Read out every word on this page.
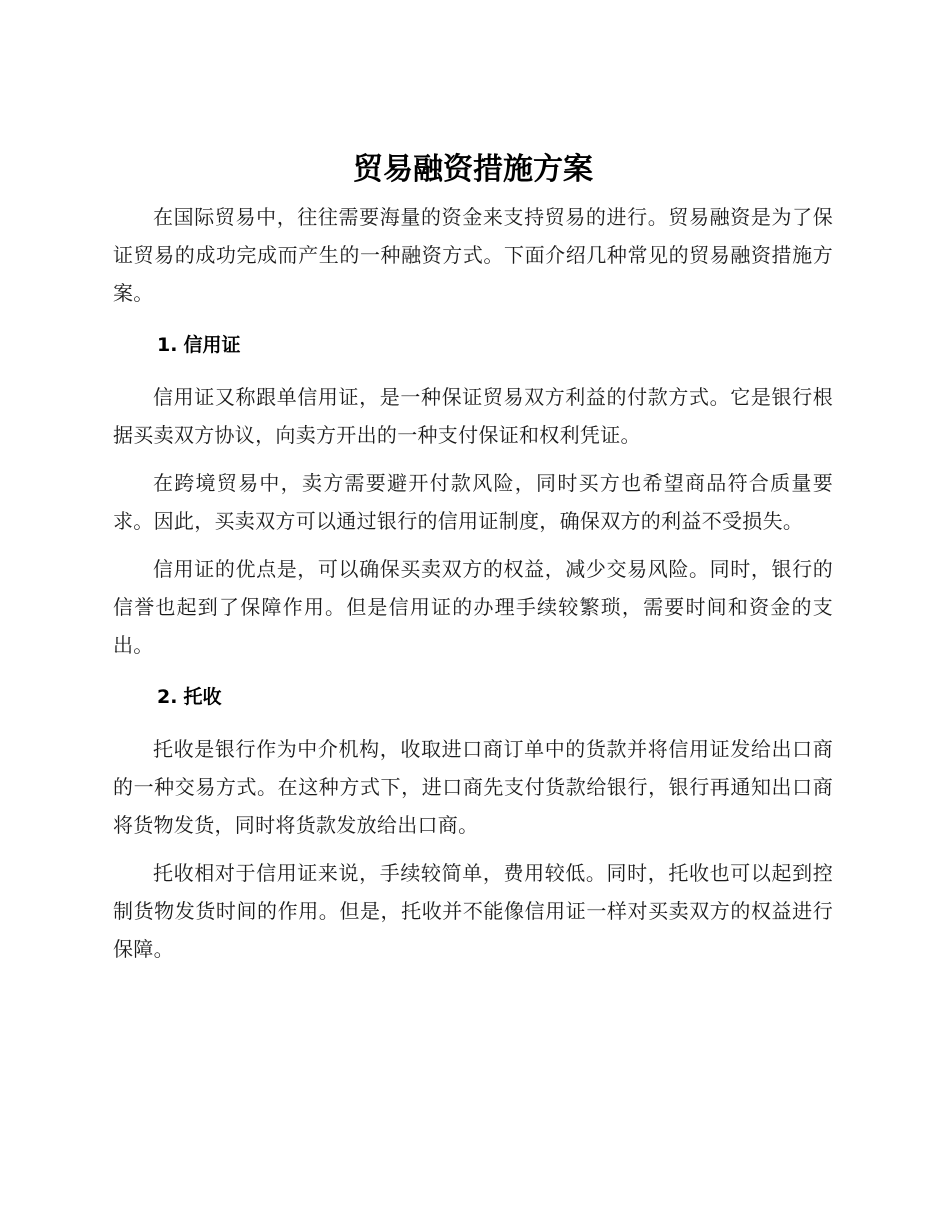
贸易融资措施方案

在国际贸易中，往往需要海量的资金来支持贸易的进行。贸易融资是为了保证贸易的成功完成而产生的一种融资方式。下面介绍几种常见的贸易融资措施方案。

1. 信用证

信用证又称跟单信用证，是一种保证贸易双方利益的付款方式。它是银行根据买卖双方协议，向卖方开出的一种支付保证和权利凭证。

在跨境贸易中，卖方需要避开付款风险，同时买方也希望商品符合质量要求。因此，买卖双方可以通过银行的信用证制度，确保双方的利益不受损失。

信用证的优点是，可以确保买卖双方的权益，减少交易风险。同时，银行的信誉也起到了保障作用。但是信用证的办理手续较繁琐，需要时间和资金的支出。

2. 托收

托收是银行作为中介机构，收取进口商订单中的货款并将信用证发给出口商的一种交易方式。在这种方式下，进口商先支付货款给银行，银行再通知出口商将货物发货，同时将货款发放给出口商。

托收相对于信用证来说，手续较简单，费用较低。同时，托收也可以起到控制货物发货时间的作用。但是，托收并不能像信用证一样对买卖双方的权益进行保障。
